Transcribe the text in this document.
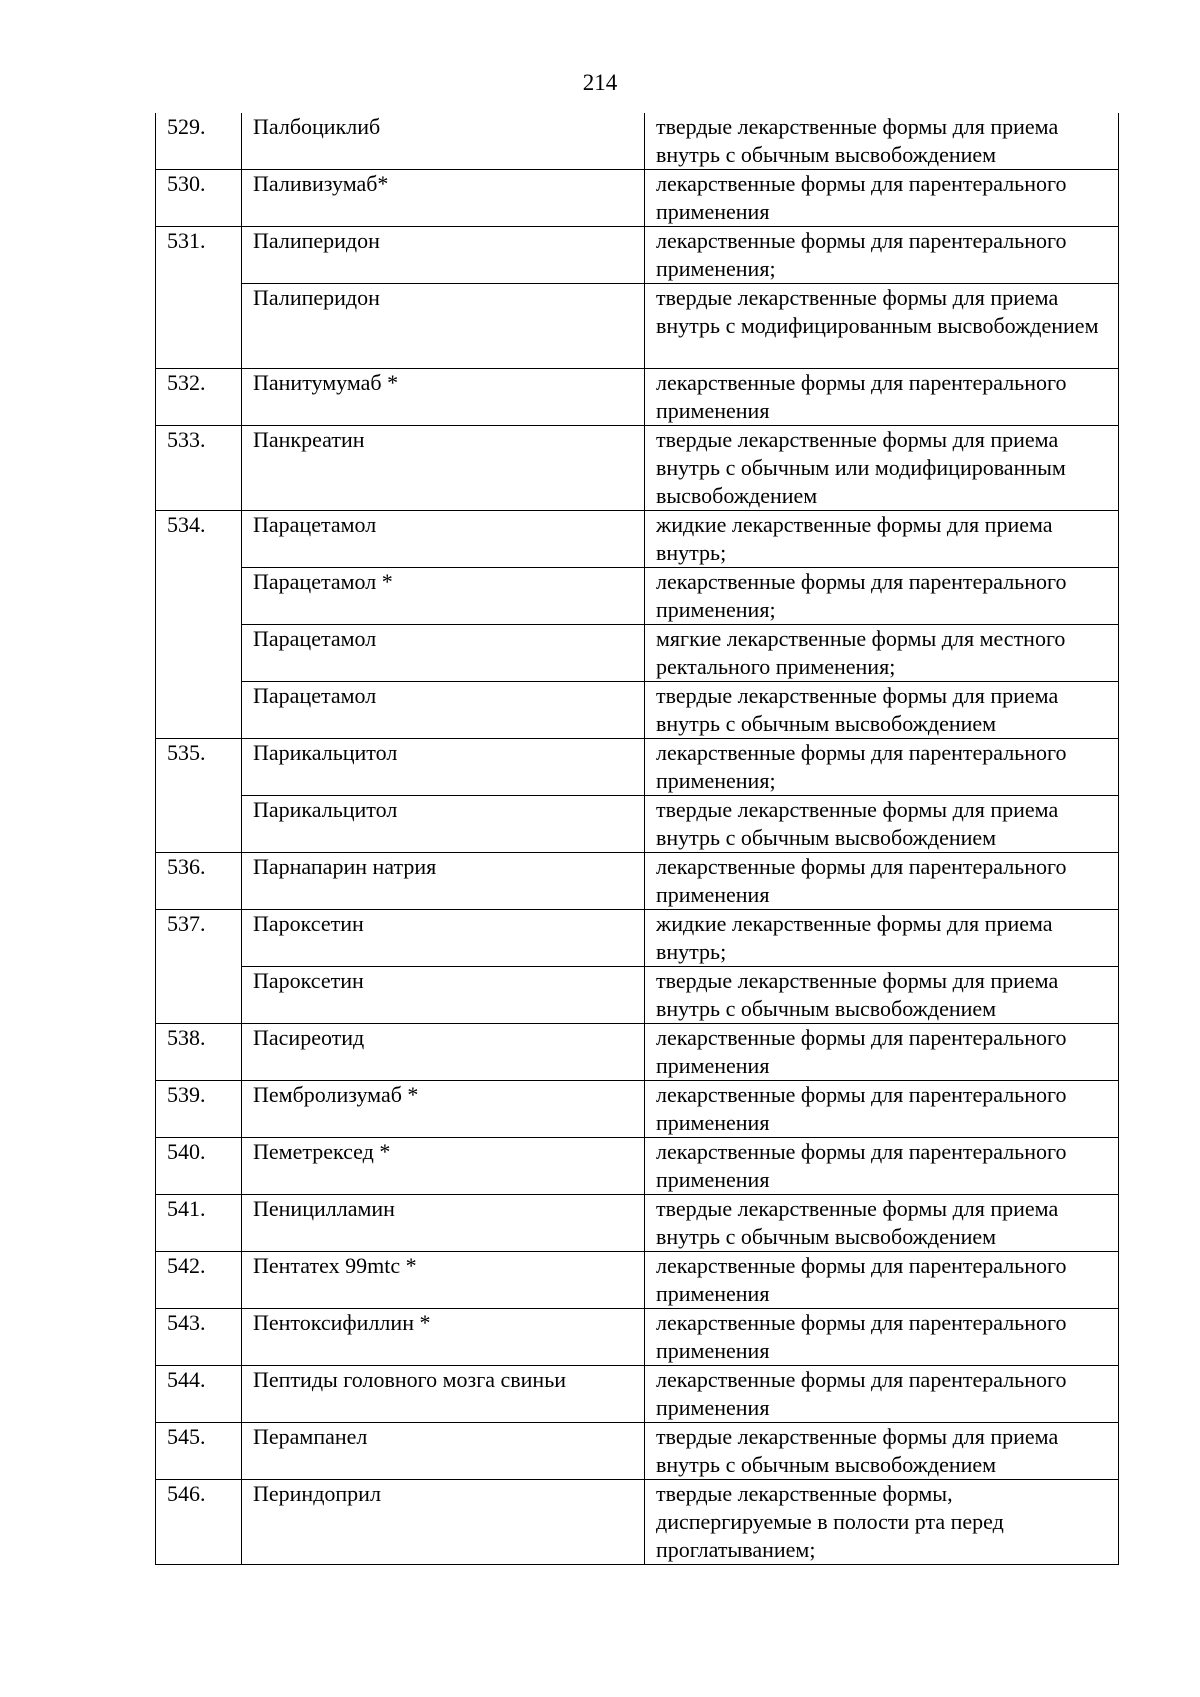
214
529.	Палбоциклиб	твердые лекарственные формы для приема внутрь с обычным высвобождением
530.	Паливизумаб*	лекарственные формы для парентерального применения
531.	Палиперидон	лекарственные формы для парентерального применения;
	Палиперидон	твердые лекарственные формы для приема внутрь с модифицированным высвобождением
532.	Панитумумаб *	лекарственные формы для парентерального применения
533.	Панкреатин	твердые лекарственные формы для приема внутрь с обычным или модифицированным высвобождением
534.	Парацетамол	жидкие лекарственные формы для приема внутрь;
	Парацетамол *	лекарственные формы для парентерального применения;
	Парацетамол	мягкие лекарственные формы для местного ректального применения;
	Парацетамол	твердые лекарственные формы для приема внутрь с обычным высвобождением
535.	Парикальцитол	лекарственные формы для парентерального применения;
	Парикальцитол	твердые лекарственные формы для приема внутрь с обычным высвобождением
536.	Парнапарин натрия	лекарственные формы для парентерального применения
537.	Пароксетин	жидкие лекарственные формы для приема внутрь;
	Пароксетин	твердые лекарственные формы для приема внутрь с обычным высвобождением
538.	Пасиреотид	лекарственные формы для парентерального применения
539.	Пембролизумаб *	лекарственные формы для парентерального применения
540.	Пеметрексед *	лекарственные формы для парентерального применения
541.	Пеницилламин	твердые лекарственные формы для приема внутрь с обычным высвобождением
542.	Пентатех 99mtc *	лекарственные формы для парентерального применения
543.	Пентоксифиллин *	лекарственные формы для парентерального применения
544.	Пептиды головного мозга свиньи	лекарственные формы для парентерального применения
545.	Перампанел	твердые лекарственные формы для приема внутрь с обычным высвобождением
546.	Периндоприл	твердые лекарственные формы, диспергируемые в полости рта перед проглатыванием;
